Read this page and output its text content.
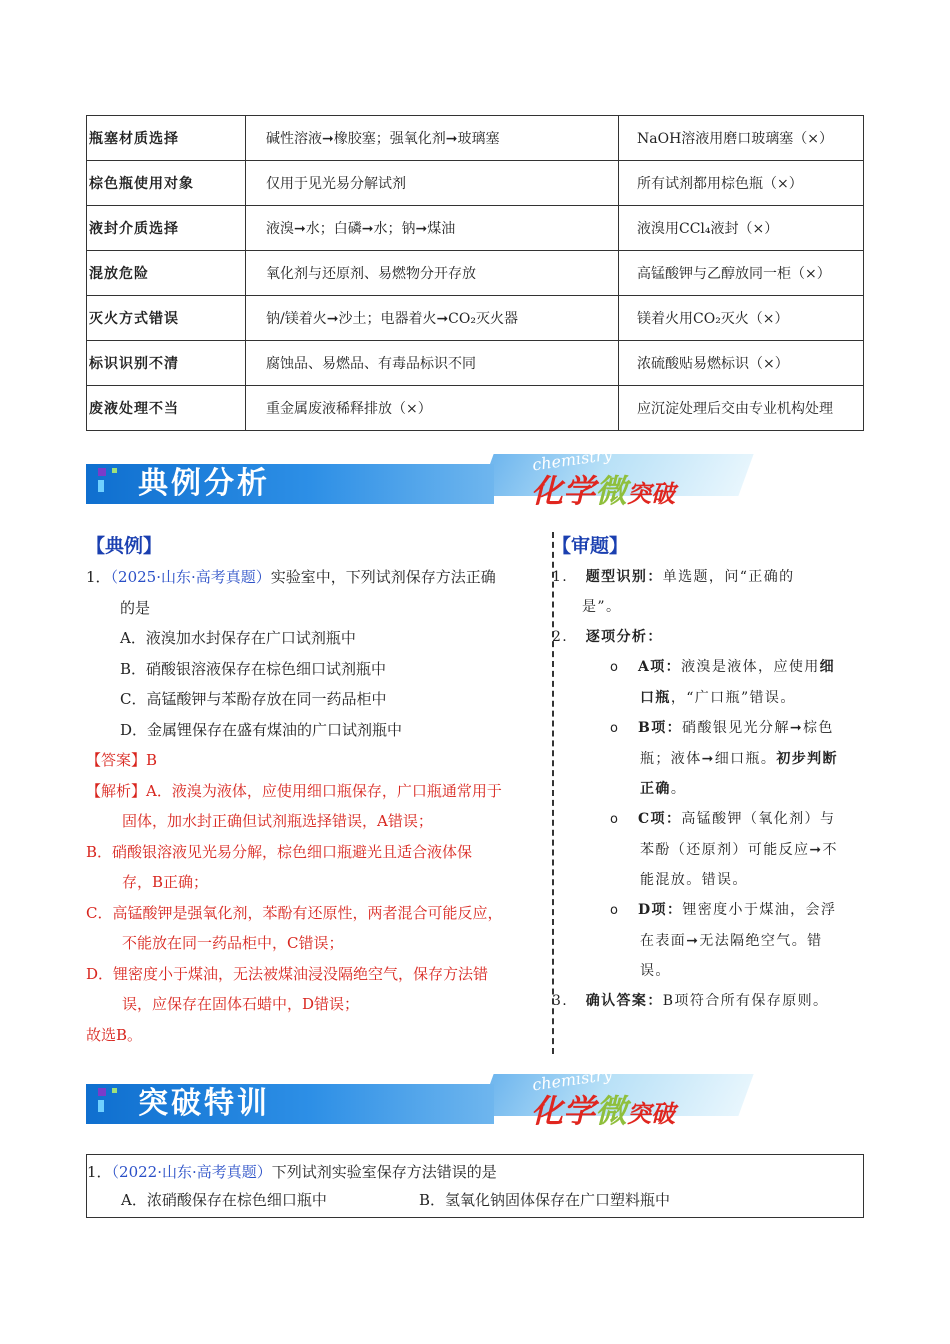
瓶塞材质选择	碱性溶液➞橡胶塞；强氧化剂➞玻璃塞	NaOH溶液用磨口玻璃塞（×）
棕色瓶使用对象	仅用于见光易分解试剂	所有试剂都用棕色瓶（×）
液封介质选择	液溴➞水；白磷➞水；钠➞煤油	液溴用CCl₄液封（×）
混放危险	氧化剂与还原剂、易燃物分开存放	高锰酸钾与乙醇放同一柜（×）
灭火方式错误	钠/镁着火➞沙土；电器着火➞CO₂灭火器	镁着火用CO₂灭火（×）
标识识别不清	腐蚀品、易燃品、有毒品标识不同	浓硫酸贴易燃标识（×）
废液处理不当	重金属废液稀释排放（×）	应沉淀处理后交由专业机构处理
典例分析
chemistry
化学微突破
【典例】
1．（2025·山东·高考真题）实验室中，下列试剂保存方法正确
的是
A．液溴加水封保存在广口试剂瓶中
B．硝酸银溶液保存在棕色细口试剂瓶中
C．高锰酸钾与苯酚存放在同一药品柜中
D．金属锂保存在盛有煤油的广口试剂瓶中
【答案】B
【解析】A．液溴为液体，应使用细口瓶保存，广口瓶通常用于
固体，加水封正确但试剂瓶选择错误，A错误；
B．硝酸银溶液见光易分解，棕色细口瓶避光且适合液体保
存，B正确；
C．高锰酸钾是强氧化剂，苯酚有还原性，两者混合可能反应，
不能放在同一药品柜中，C错误；
D．锂密度小于煤油，无法被煤油浸没隔绝空气，保存方法错
误，应保存在固体石蜡中，D错误；
故选B。
【审题】
1. 题型识别：单选题，问“正确的
是”。
2. 逐项分析：
o A项：液溴是液体，应使用细
口瓶，“广口瓶”错误。
o B项：硝酸银见光分解➞棕色
瓶；液体➞细口瓶。初步判断
正确。
o C项：高锰酸钾（氧化剂）与
苯酚（还原剂）可能反应➞不
能混放。错误。
o D项：锂密度小于煤油，会浮
在表面➞无法隔绝空气。错
误。
3. 确认答案：B项符合所有保存原则。
突破特训
chemistry
化学微突破
1．（2022·山东·高考真题）下列试剂实验室保存方法错误的是
A．浓硝酸保存在棕色细口瓶中	B．氢氧化钠固体保存在广口塑料瓶中
